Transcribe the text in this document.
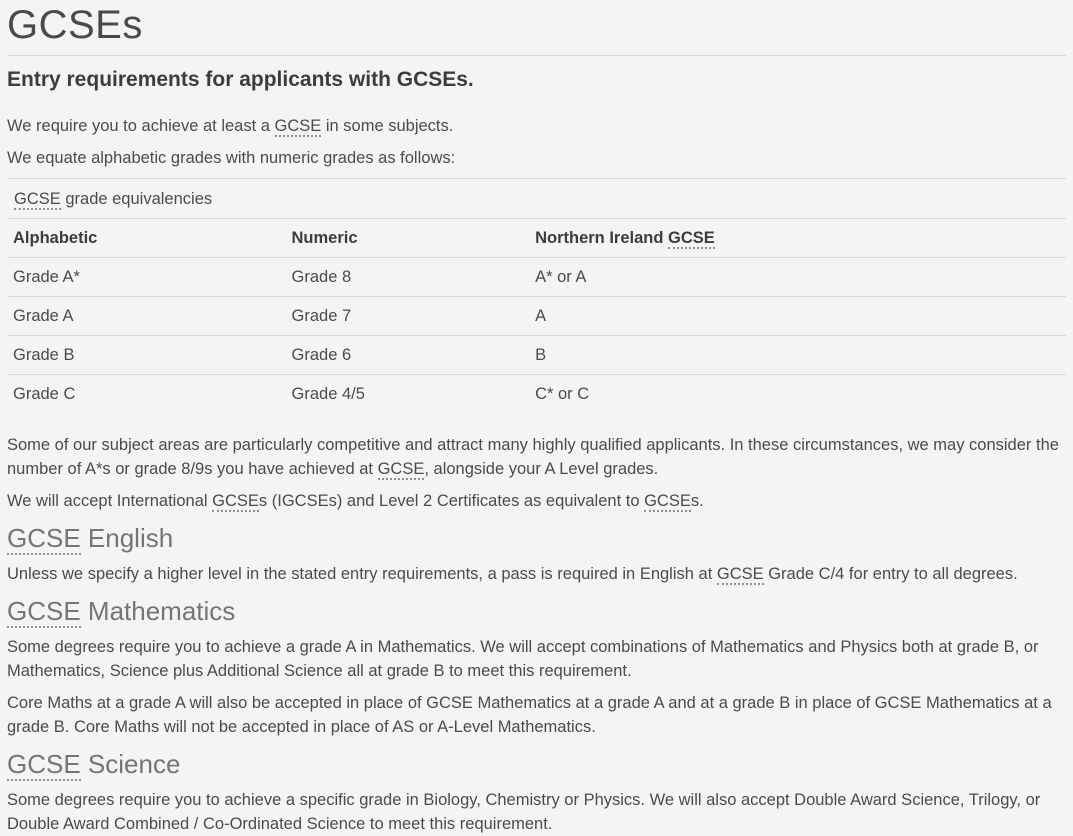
GCSEs
Entry requirements for applicants with GCSEs.

We require you to achieve at least a GCSE in some subjects.

We equate alphabetic grades with numeric grades as follows:

GCSE grade equivalencies
Alphabetic	Numeric	Northern Ireland GCSE
Grade A*	Grade 8	A* or A
Grade A	Grade 7	A
Grade B	Grade 6	B
Grade C	Grade 4/5	C* or C

Some of our subject areas are particularly competitive and attract many highly qualified applicants. In these circumstances, we may consider the number of A*s or grade 8/9s you have achieved at GCSE, alongside your A Level grades.

We will accept International GCSEs (IGCSEs) and Level 2 Certificates as equivalent to GCSEs.

GCSE English

Unless we specify a higher level in the stated entry requirements, a pass is required in English at GCSE Grade C/4 for entry to all degrees.

GCSE Mathematics

Some degrees require you to achieve a grade A in Mathematics. We will accept combinations of Mathematics and Physics both at grade B, or Mathematics, Science plus Additional Science all at grade B to meet this requirement.

Core Maths at a grade A will also be accepted in place of GCSE Mathematics at a grade A and at a grade B in place of GCSE Mathematics at a grade B. Core Maths will not be accepted in place of AS or A-Level Mathematics.

GCSE Science

Some degrees require you to achieve a specific grade in Biology, Chemistry or Physics. We will also accept Double Award Science, Trilogy, or Double Award Combined / Co-Ordinated Science to meet this requirement.
